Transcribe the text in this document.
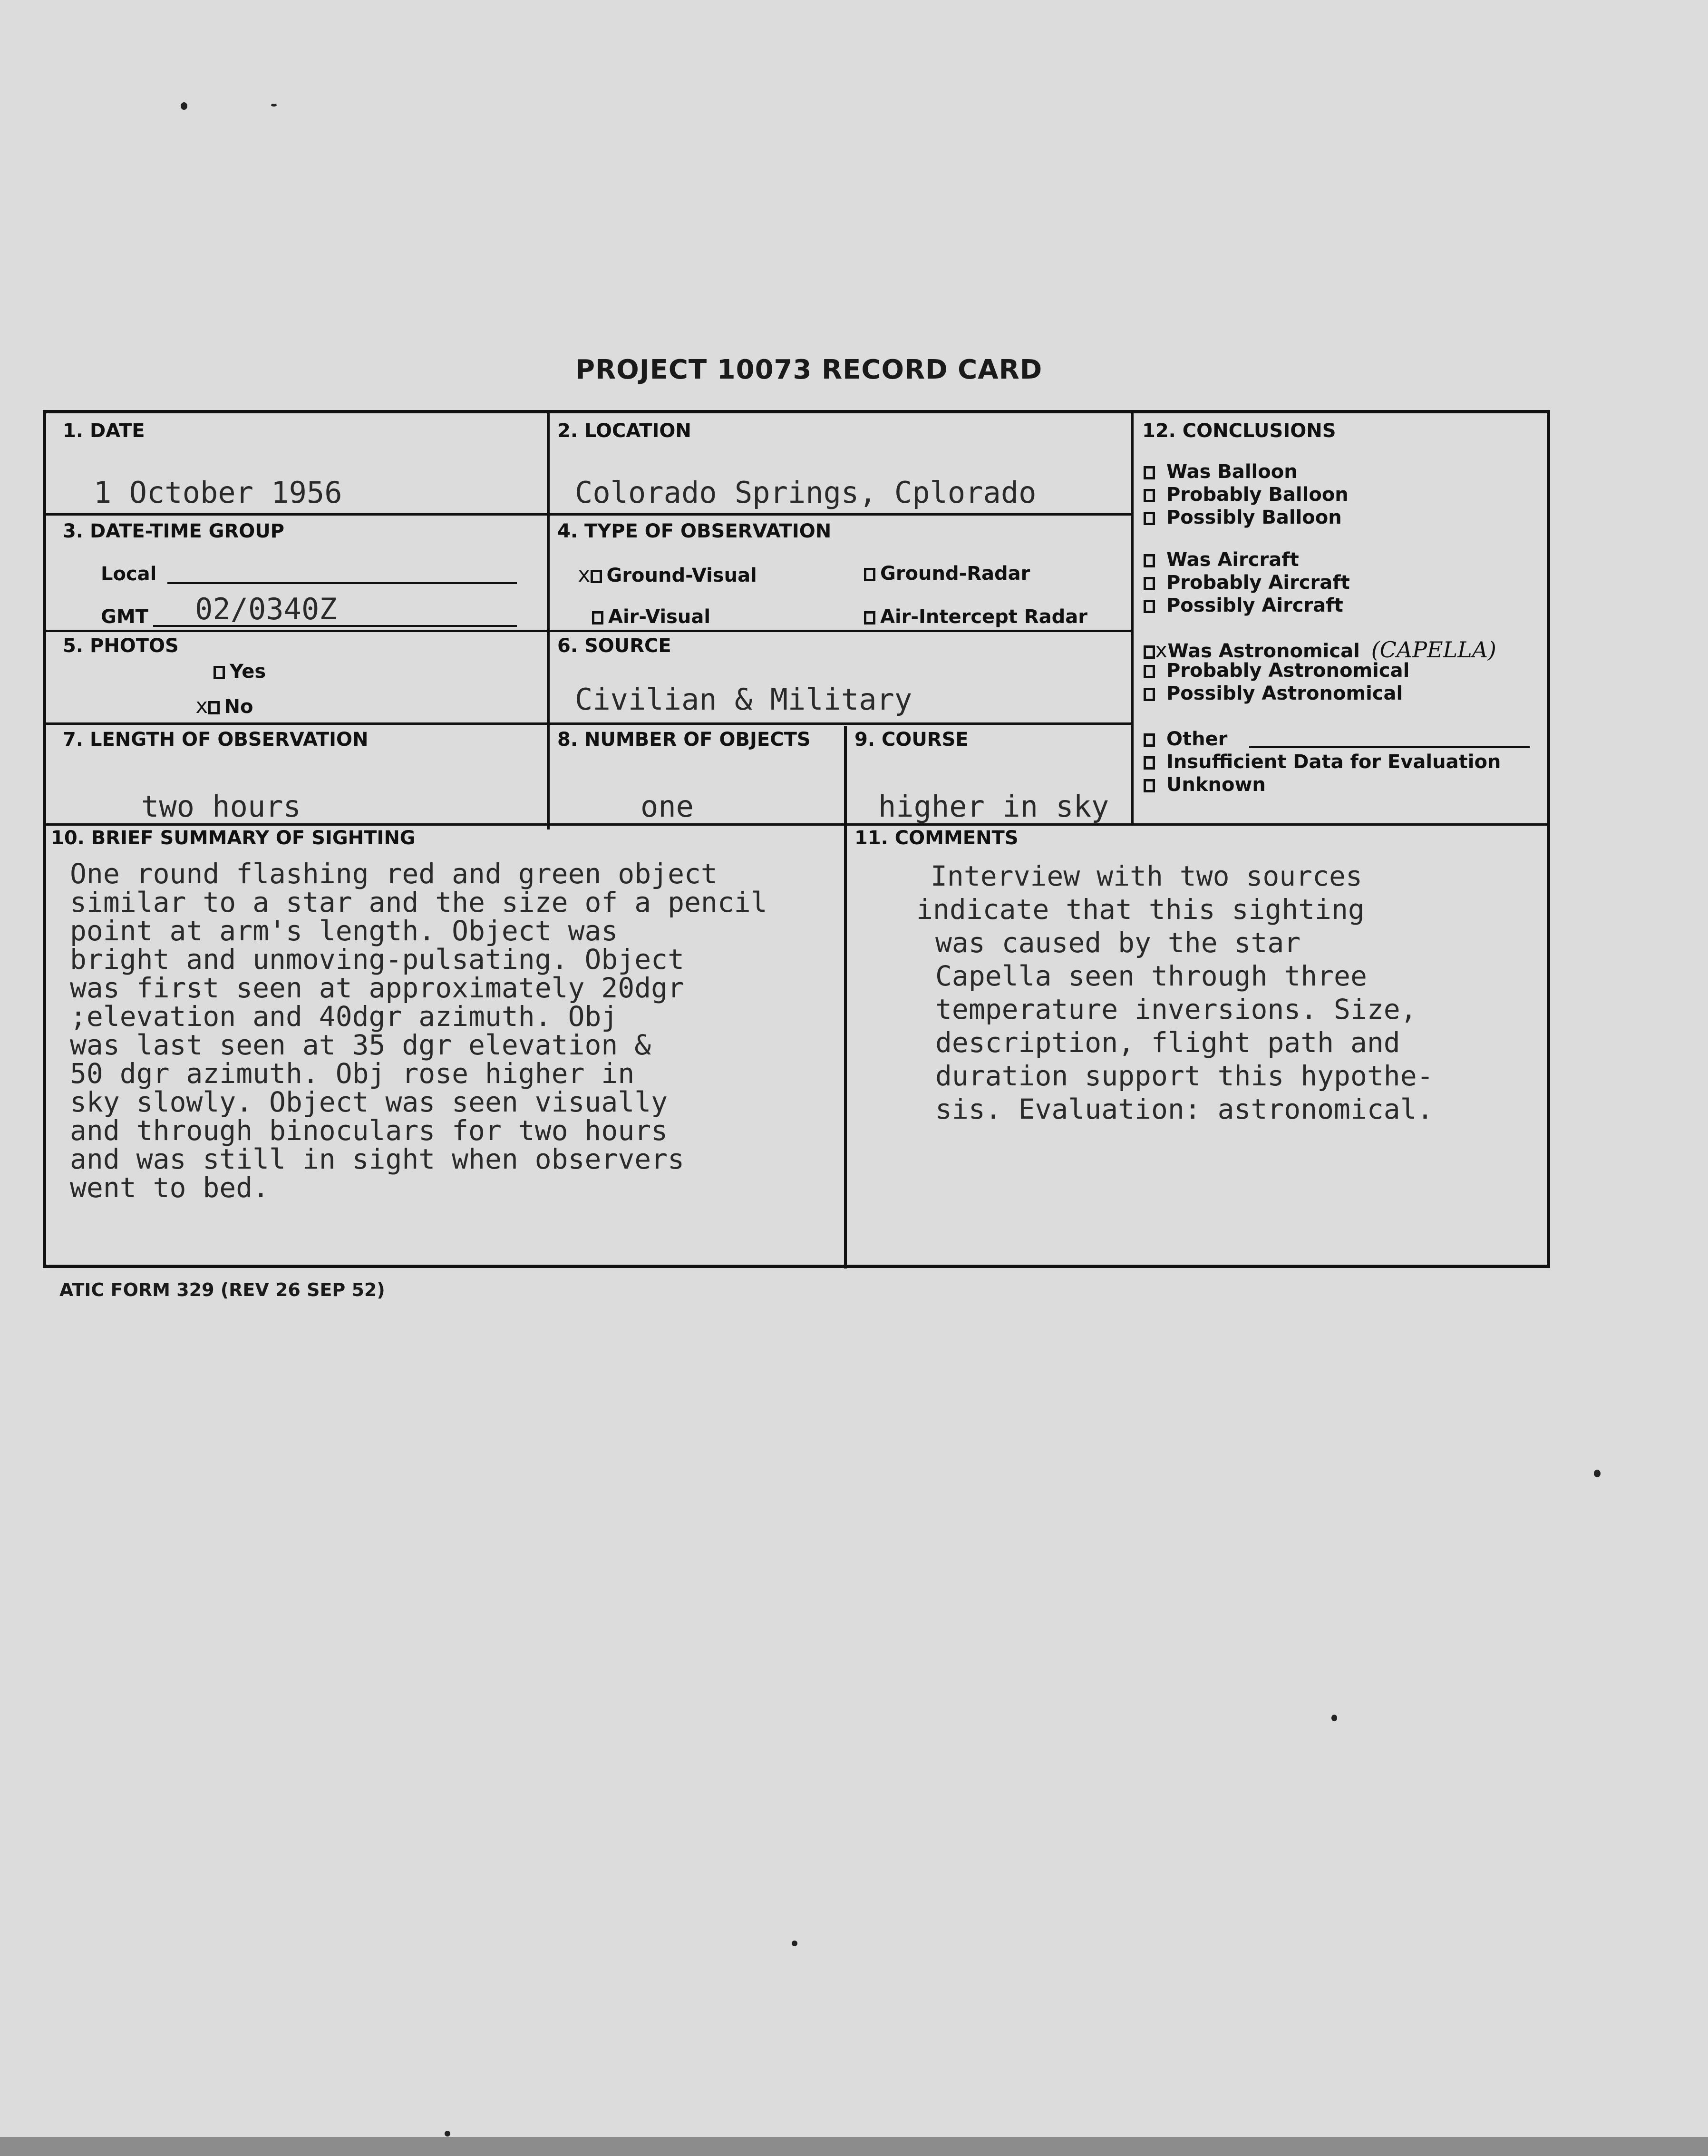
PROJECT 10073 RECORD CARD
1. DATE
1 October 1956
2. LOCATION
Colorado Springs, Cplorado
3. DATE-TIME GROUP
Local
GMT 02/0340Z
4. TYPE OF OBSERVATION
x Ground-Visual	Ground-Radar
Air-Visual	Air-Intercept Radar
5. PHOTOS
Yes
x No
6. SOURCE
Civilian & Military
7. LENGTH OF OBSERVATION
two hours
8. NUMBER OF OBJECTS
one
9. COURSE
higher in sky
10. BRIEF SUMMARY OF SIGHTING
One round flashing red and green object
similar to a star and the size of a pencil
point at arm's length. Object was
bright and unmoving-pulsating. Object
was first seen at approximately 20dgr
;elevation and 40dgr azimuth. Obj
was last seen at 35 dgr elevation &
50 dgr azimuth. Obj rose higher in
sky slowly. Object was seen visually
and through binoculars for two hours
and was still in sight when observers
went to bed.
11. COMMENTS
Interview with two sources
indicate that this sighting
was caused by the star
Capella seen through three
temperature inversions. Size,
description, flight path and
duration support this hypothe-
sis. Evaluation: astronomical.
12. CONCLUSIONS
Was Balloon
Probably Balloon
Possibly Balloon
Was Aircraft
Probably Aircraft
Possibly Aircraft
xWas Astronomical (CAPELLA)
Probably Astronomical
Possibly Astronomical
Other
Insufficient Data for Evaluation
Unknown
ATIC FORM 329 (REV 26 SEP 52)
